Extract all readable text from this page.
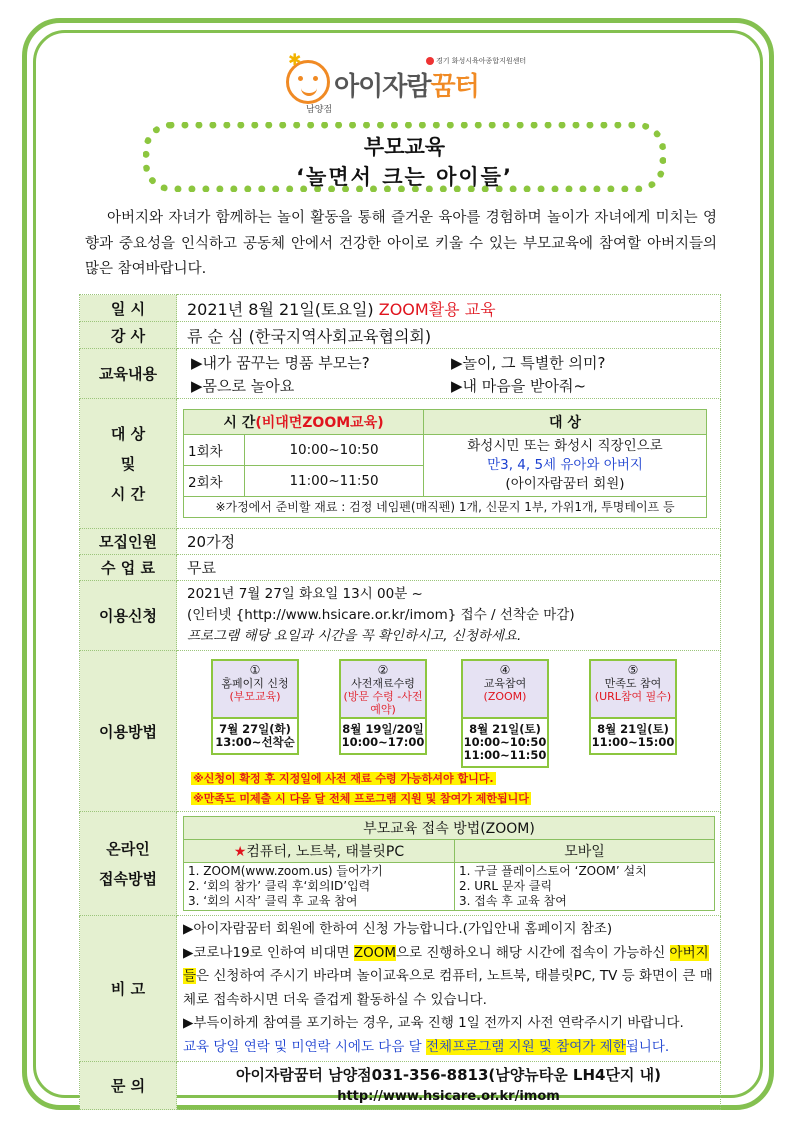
✱	경기 화성시육아종합지원센터
아이자람꿈터
남양점
부모교육
‘놀면서 크는 아이들’
아버지와 자녀가 함께하는 놀이 활동을 통해 즐거운 육아를 경험하며 놀이가 자녀에게 미치는 영향과 중요성을 인식하고 공동체 안에서 건강한 아이로 키울 수 있는 부모교육에 참여할 아버지들의 많은 참여바랍니다.
일 시	2021년 8월 21일(토요일) ZOOM활용 교육
강 사	류 순 심 (한국지역사회교육협의회)
교육내용	
▶내가 꿈꾸는 명품 부모는?	▶놀이, 그 특별한 의미?
▶몸으로 놀아요	▶내 마음을 받아줘~

대 상
및
시 간

시 간(비대면ZOOM교육)	대 상
1회차	10:00~10:50	화성시민 또는 화성시 직장인으로
만3, 4, 5세 유아와 아버지
(아이자람꿈터 회원)

2회차	11:00~11:50
※가정에서 준비할 재료 : 검정 네임펜(매직펜) 1개, 신문지 1부, 가위1개, 투명테이프 등

모집인원	20가정
수 업 료	무료
이용신청	
2021년 7월 27일 화요일 13시 00분 ~
(인터넷 {http://www.hsicare.or.kr/imom} 접수 / 선착순 마감)
프로그램 해당 요일과 시간을 꼭 확인하시고, 신청하세요.

이용방법	
①
홈페이지 신청
(부모교육)
7월 27일(화)
13:00~선착순
②
사전재료수령
(방문 수령 -사전예약)
8월 19일/20일
10:00~17:00
④
교육참여
(ZOOM)
8월 21일(토)
10:00~10:50
11:00~11:50
⑤
만족도 참여
(URL참여 필수)
8월 21일(토)
11:00~15:00
※신청이 확정 후 지정일에 사전 재료 수령 가능하셔야 합니다.
※만족도 미제출 시 다음 달 전체 프로그램 지원 및 참여가 제한됩니다

온라인
접속방법

부모교육 접속 방법(ZOOM)
★컴퓨터, 노트북, 태블릿PC	모바일

1. ZOOM(www.zoom.us) 들어가기
2. ‘회의 참가’ 클릭 후‘회의ID’입력
3. ‘회의 시작’ 클릭 후 교육 참여

1. 구글 플레이스토어 ‘ZOOM’ 설치
2. URL 문자 클릭
3. 접속 후 교육 참여

비 고	
▶아이자람꿈터 회원에 한하여 신청 가능합니다.(가입안내 홈페이지 참조)
▶코로나19로 인하여 비대면 ZOOM으로 진행하오니 해당 시간에 접속이 가능하신 아버지들은 신청하여 주시기 바라며 놀이교육으로 컴퓨터, 노트북, 태블릿PC, TV 등 화면이 큰 매체로 접속하시면 더욱 즐겁게 활동하실 수 있습니다.
▶부득이하게 참여를 포기하는 경우, 교육 진행 1일 전까지 사전 연락주시기 바랍니다.
교육 당일 연락 및 미연락 시에도 다음 달 전체프로그램 지원 및 참여가 제한됩니다.

문 의	
아이자람꿈터 남양점031-356-8813(남양뉴타운 LH4단지 내)
http://www.hsicare.or.kr/imom
